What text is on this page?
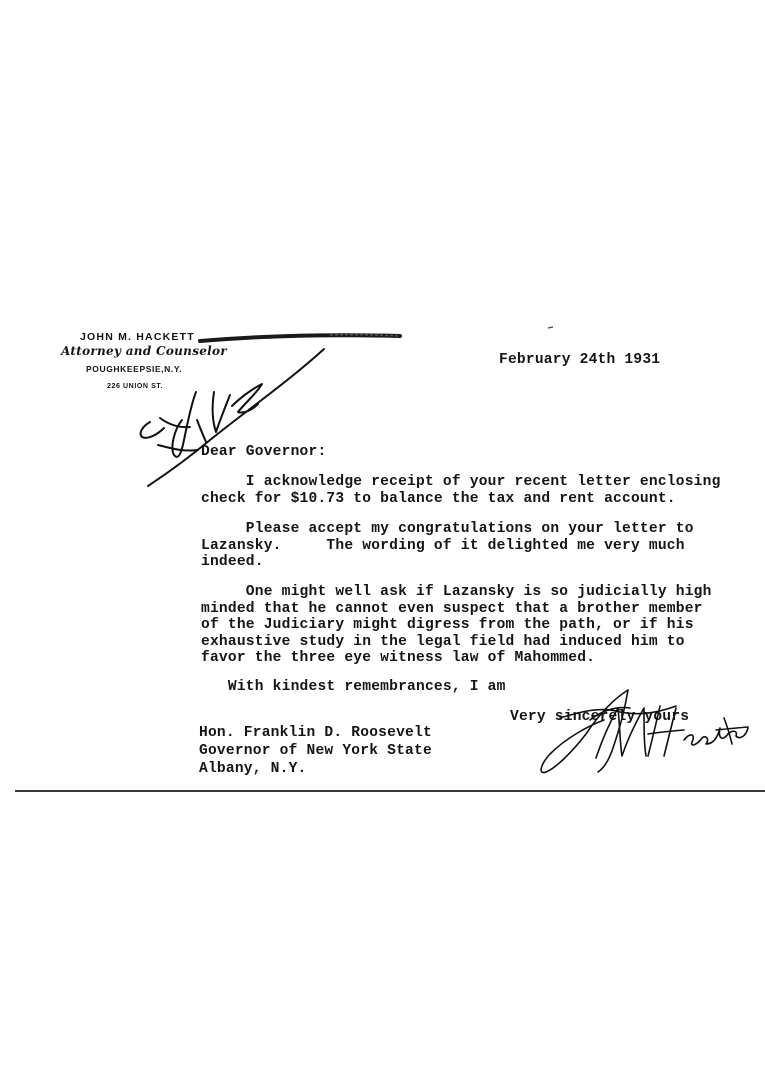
JOHN M. HACKETT
Attorney and Counselor
POUGHKEEPSIE,N.Y.
226 UNION ST.
February 24th 1931
Dear Governor:
I acknowledge receipt of your recent letter enclosing
check for $10.73 to balance the tax and rent account.
Please accept my congratulations on your letter to
Lazansky.     The wording of it delighted me very much
indeed.
One might well ask if Lazansky is so judicially high
minded that he cannot even suspect that a brother member
of the Judiciary might digress from the path, or if his
exhaustive study in the legal field had induced him to
favor the three eye witness law of Mahommed.
With kindest remembrances, I am
Very sincerely yours
Hon. Franklin D. Roosevelt
Governor of New York State
Albany, N.Y.
